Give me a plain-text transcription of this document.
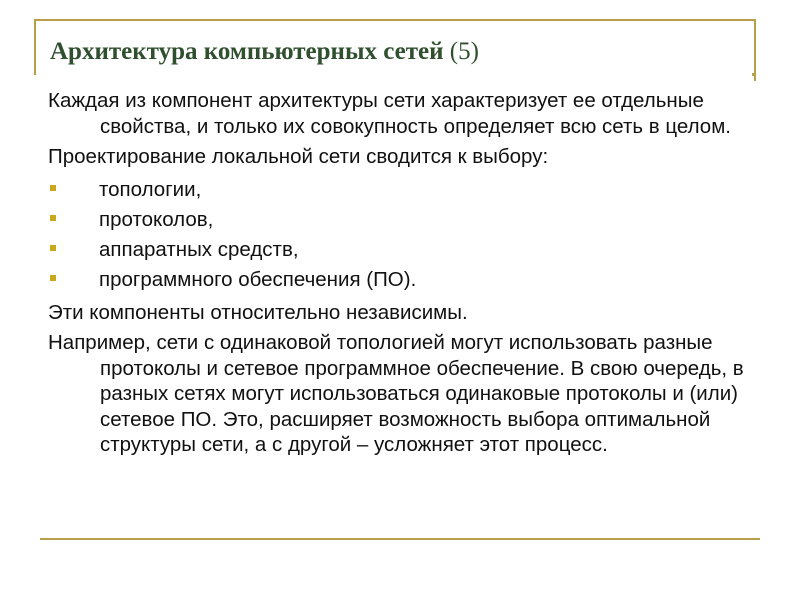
Архитектура компьютерных сетей (5)

Каждая из компонент архитектуры сети характеризует ее отдельные свойства, и только их совокупность определяет всю сеть в целом.

Проектирование локальной сети сводится к выбору:

топологии,
протоколов,
аппаратных средств,
программного обеспечения (ПО).

Эти компоненты относительно независимы.

Например, сети с одинаковой топологией могут использовать разные протоколы и сетевое программное обеспечение. В свою очередь, в разных сетях могут использоваться одинаковые протоколы и (или) сетевое ПО. Это, расширяет возможность выбора оптимальной структуры сети, а с другой – усложняет этот процесс.
